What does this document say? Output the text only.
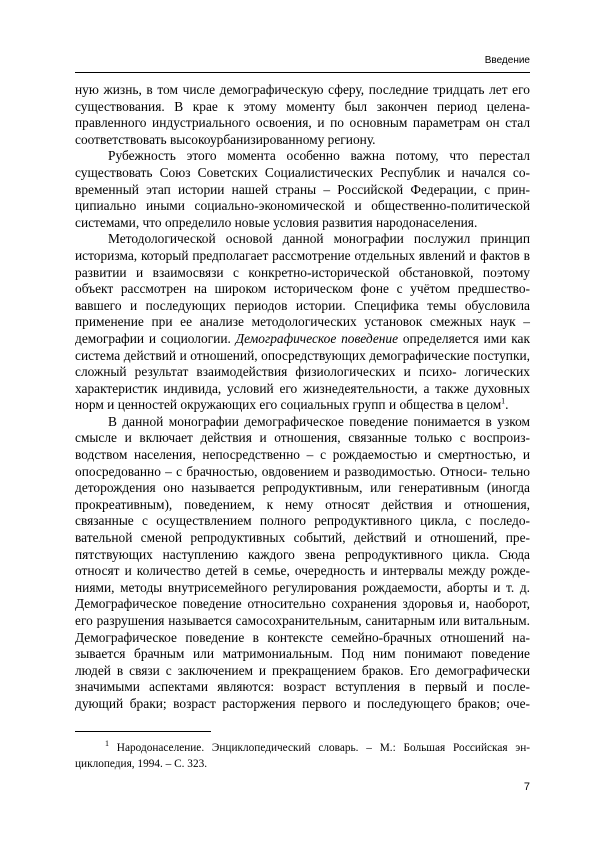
Введение

ную жизнь, в том числе демографическую сферу, последние тридцать лет его существования. В крае к этому моменту был закончен период целена- правленного индустриального освоения, и по основным параметрам он стал соответствовать высокоурбанизированному региону.

Рубежность этого момента особенно важна потому, что перестал существовать Союз Советских Социалистических Республик и начался со- временный этап истории нашей страны – Российской Федерации, с прин- ципиально иными социально-экономической и общественно-политической системами, что определило новые условия развития народонаселения.

Методологической основой данной монографии послужил принцип историзма, который предполагает рассмотрение отдельных явлений и фактов в развитии и взаимосвязи с конкретно-исторической обстановкой, поэтому объект рассмотрен на широком историческом фоне с учётом предшество- вавшего и последующих периодов истории. Специфика темы обусловила применение при ее анализе методологических установок смежных наук – демографии и социологии. Демографическое поведение определяется ими как система действий и отношений, опосредствующих демографические поступки, сложный результат взаимодействия физиологических и психо- логических характеристик индивида, условий его жизнедеятельности, а также духовных норм и ценностей окружающих его социальных групп и общества в целом$^1$.

В данной монографии демографическое поведение понимается в узком смысле и включает действия и отношения, связанные только с воспроиз- водством населения, непосредственно – с рождаемостью и смертностью, и опосредованно – с брачностью, овдовением и разводимостью. Относи- тельно деторождения оно называется репродуктивным, или генеративным (иногда прокреативным), поведением, к нему относят действия и отношения, связанные с осуществлением полного репродуктивного цикла, с последо- вательной сменой репродуктивных событий, действий и отношений, пре- пятствующих наступлению каждого звена репродуктивного цикла. Сюда относят и количество детей в семье, очередность и интервалы между рожде- ниями, методы внутрисемейного регулирования рождаемости, аборты и т. д. Демографическое поведение относительно сохранения здоровья и, наоборот, его разрушения называется самосохранительным, санитарным или витальным. Демографическое поведение в контексте семейно-брачных отношений на- зывается брачным или матримониальным. Под ним понимают поведение людей в связи с заключением и прекращением браков. Его демографически значимыми аспектами являются: возраст вступления в первый и после- дующий браки; возраст расторжения первого и последующего браков; оче-

$^1$ Народонаселение. Энциклопедический словарь. – М.: Большая Российская эн-

циклопедия, 1994. – С. 323.

7
